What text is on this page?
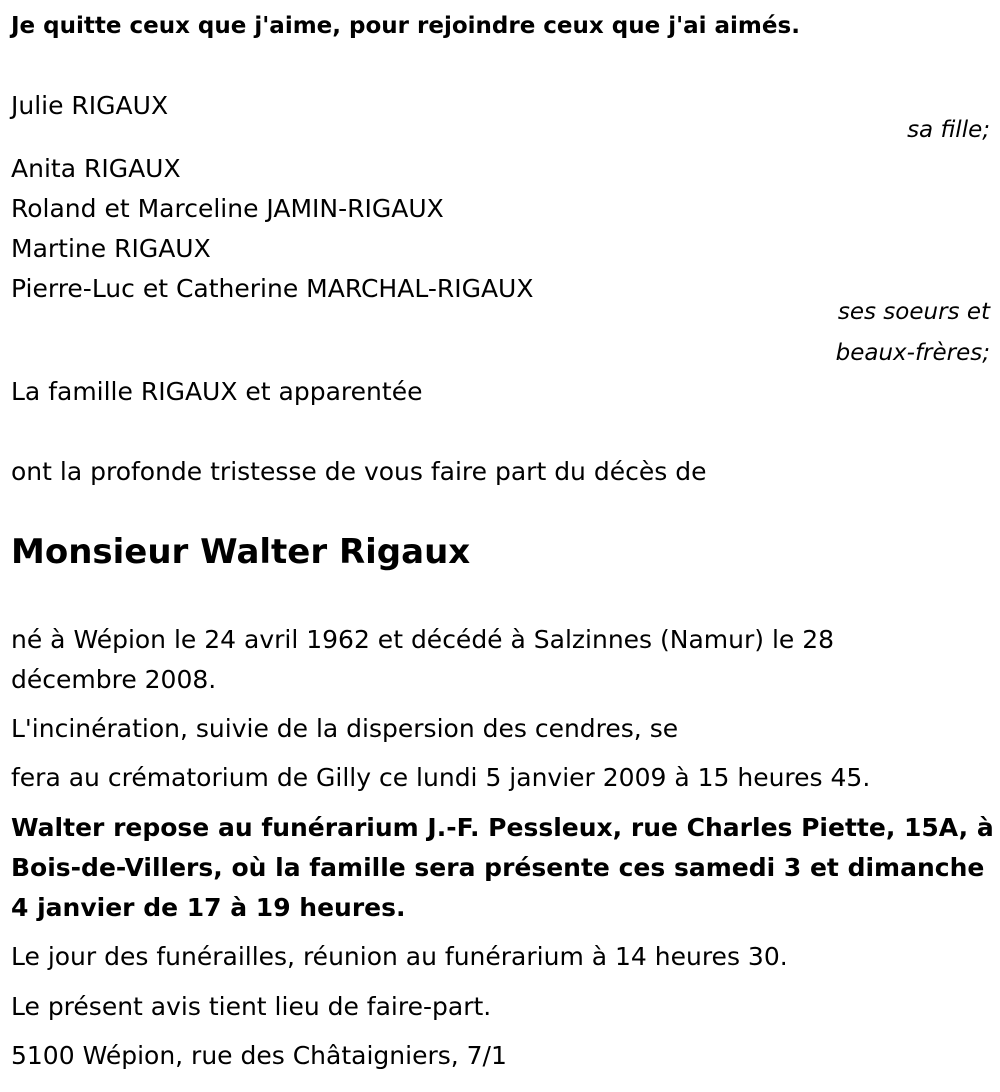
Je quitte ceux que j'aime, pour rejoindre ceux que j'ai aimés.
Julie RIGAUX
sa fille;
Anita RIGAUX
Roland et Marceline JAMIN-RIGAUX
Martine RIGAUX
Pierre-Luc et Catherine MARCHAL-RIGAUX
ses soeurs et
beaux-frères;
La famille RIGAUX et apparentée
ont la profonde tristesse de vous faire part du décès de
Monsieur Walter Rigaux
né à Wépion le 24 avril 1962 et décédé à Salzinnes (Namur) le 28
décembre 2008.
L'incinération, suivie de la dispersion des cendres, se
fera au crématorium de Gilly ce lundi 5 janvier 2009 à 15 heures 45.
Walter repose au funérarium J.-F. Pessleux, rue Charles Piette, 15A, à
Bois-de-Villers, où la famille sera présente ces samedi 3 et dimanche
4 janvier de 17 à 19 heures.
Le jour des funérailles, réunion au funérarium à 14 heures 30.
Le présent avis tient lieu de faire-part.
5100 Wépion, rue des Châtaigniers, 7/1
